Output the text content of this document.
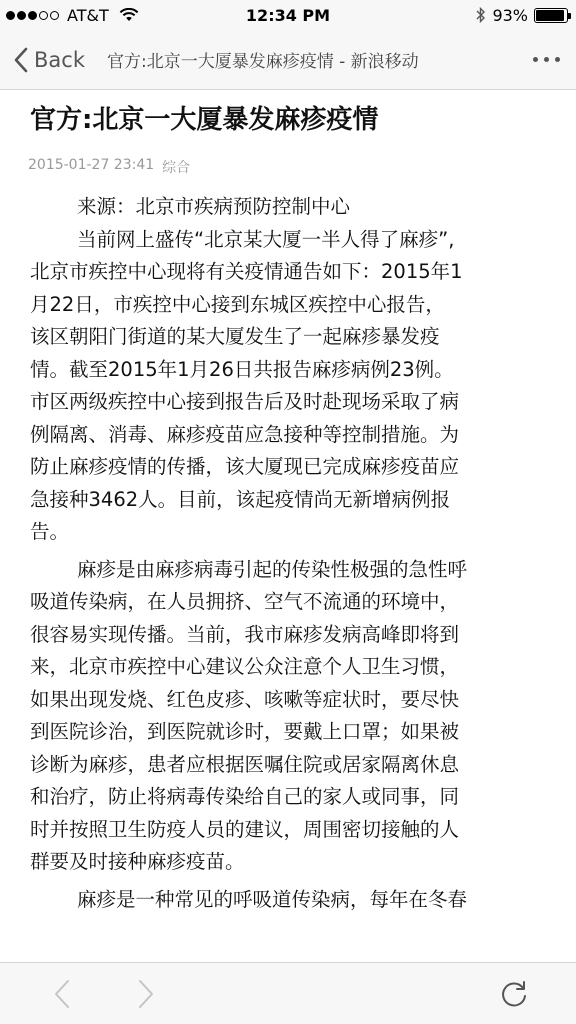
AT&T	12:34 PM	93%
Back 官方:北京一大厦暴发麻疹疫情 - 新浪移动
官方:北京一大厦暴发麻疹疫情
2015-01-27 23:41 综合
来源：北京市疾病预防控制中心
当前网上盛传“北京某大厦一半人得了麻疹”,
北京市疾控中心现将有关疫情通告如下：2015年1
月22日，市疾控中心接到东城区疾控中心报告，
该区朝阳门街道的某大厦发生了一起麻疹暴发疫
情。截至2015年1月26日共报告麻疹病例23例。
市区两级疾控中心接到报告后及时赴现场采取了病
例隔离、消毒、麻疹疫苗应急接种等控制措施。为
防止麻疹疫情的传播，该大厦现已完成麻疹疫苗应
急接种3462人。目前，该起疫情尚无新增病例报
告。
麻疹是由麻疹病毒引起的传染性极强的急性呼
吸道传染病，在人员拥挤、空气不流通的环境中，
很容易实现传播。当前，我市麻疹发病高峰即将到
来，北京市疾控中心建议公众注意个人卫生习惯，
如果出现发烧、红色皮疹、咳嗽等症状时，要尽快
到医院诊治，到医院就诊时，要戴上口罩；如果被
诊断为麻疹，患者应根据医嘱住院或居家隔离休息
和治疗，防止将病毒传染给自己的家人或同事，同
时并按照卫生防疫人员的建议，周围密切接触的人
群要及时接种麻疹疫苗。
麻疹是一种常见的呼吸道传染病，每年在冬春
